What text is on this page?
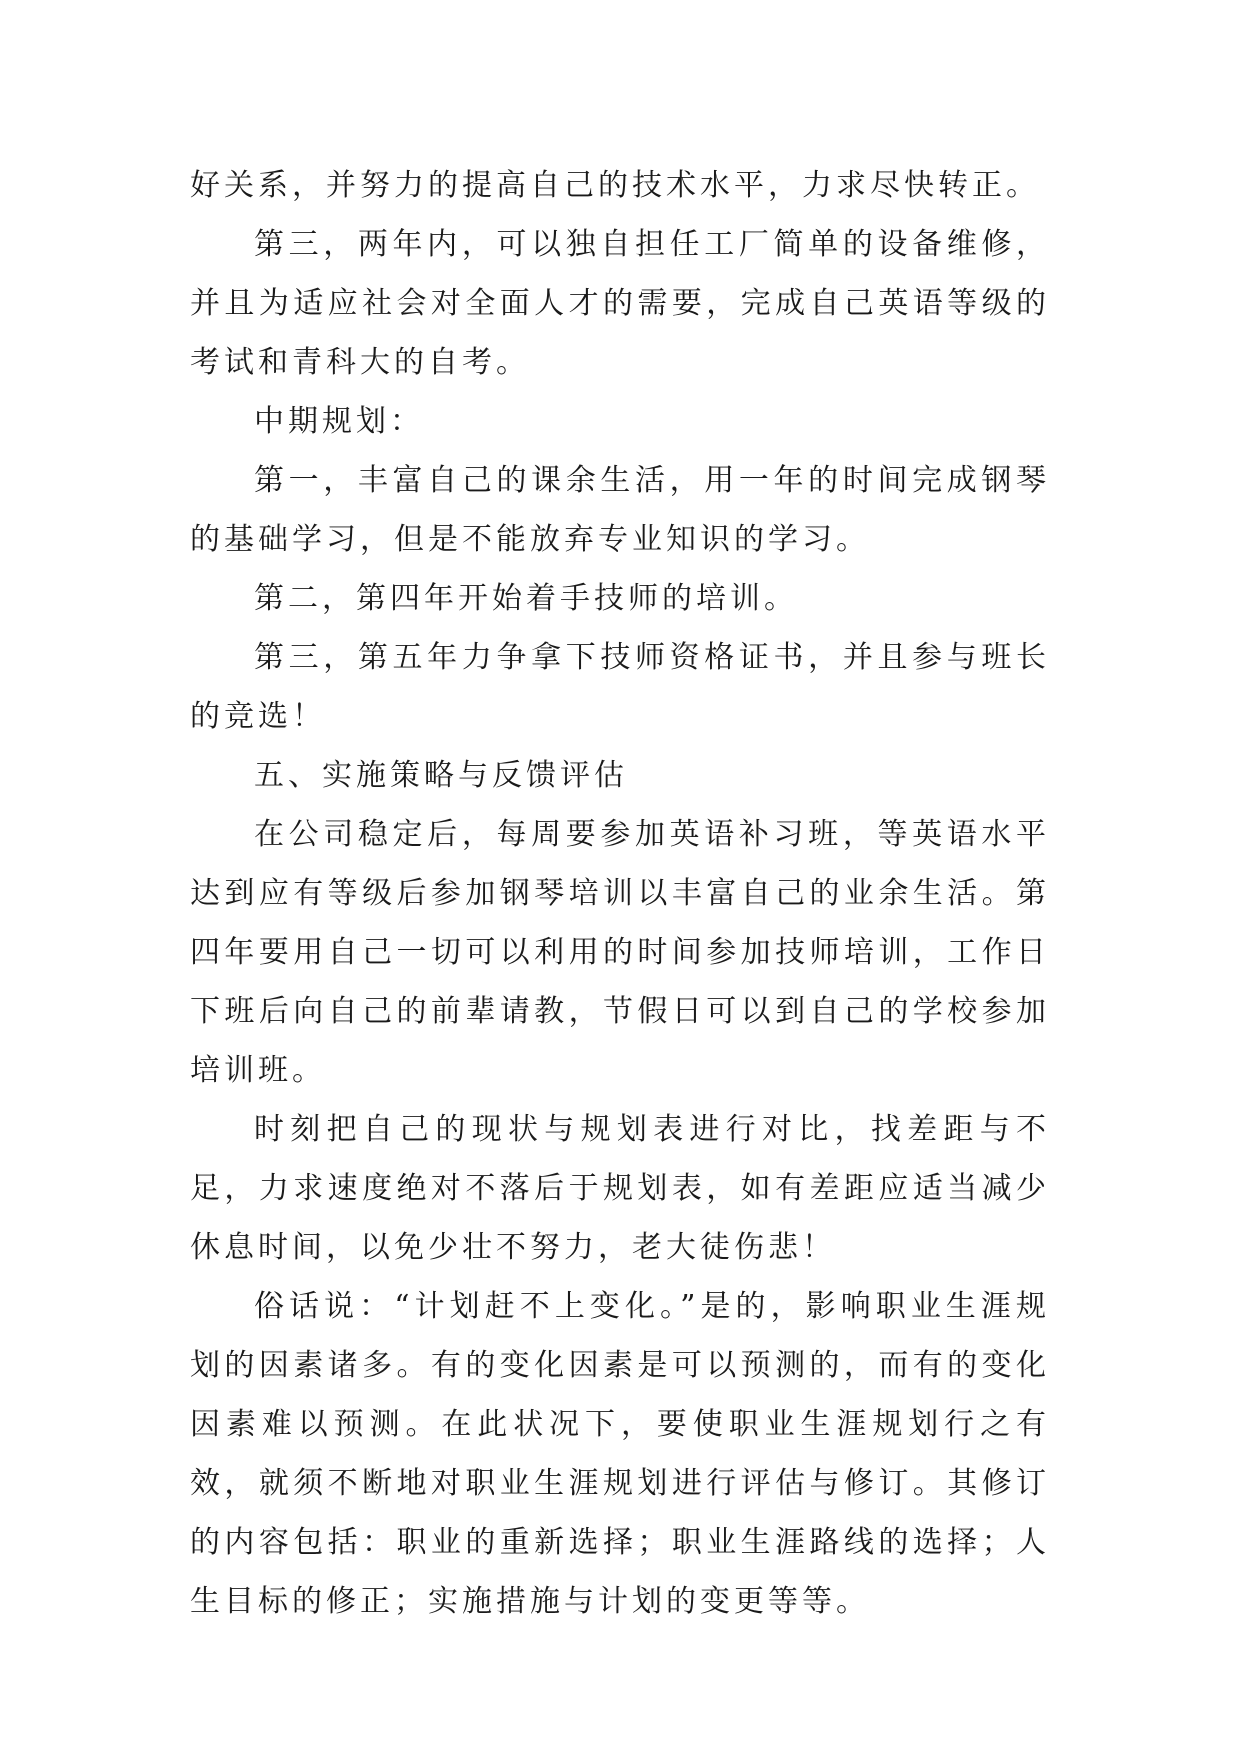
好关系，并努力的提高自己的技术水平，力求尽快转正。

第三，两年内，可以独自担任工厂简单的设备维修，并且为适应社会对全面人才的需要，完成自己英语等级的考试和青科大的自考。

中期规划：

第一，丰富自己的课余生活，用一年的时间完成钢琴的基础学习，但是不能放弃专业知识的学习。

第二，第四年开始着手技师的培训。

第三，第五年力争拿下技师资格证书，并且参与班长的竞选！

五、实施策略与反馈评估

在公司稳定后，每周要参加英语补习班，等英语水平达到应有等级后参加钢琴培训以丰富自己的业余生活。第四年要用自己一切可以利用的时间参加技师培训，工作日下班后向自己的前辈请教，节假日可以到自己的学校参加培训班。

时刻把自己的现状与规划表进行对比，找差距与不足，力求速度绝对不落后于规划表，如有差距应适当减少休息时间，以免少壮不努力，老大徒伤悲！

俗话说：“计划赶不上变化。”是的，影响职业生涯规划的因素诸多。有的变化因素是可以预测的，而有的变化因素难以预测。在此状况下，要使职业生涯规划行之有效，就须不断地对职业生涯规划进行评估与修订。其修订的内容包括：职业的重新选择；职业生涯路线的选择；人生目标的修正；实施措施与计划的变更等等。
